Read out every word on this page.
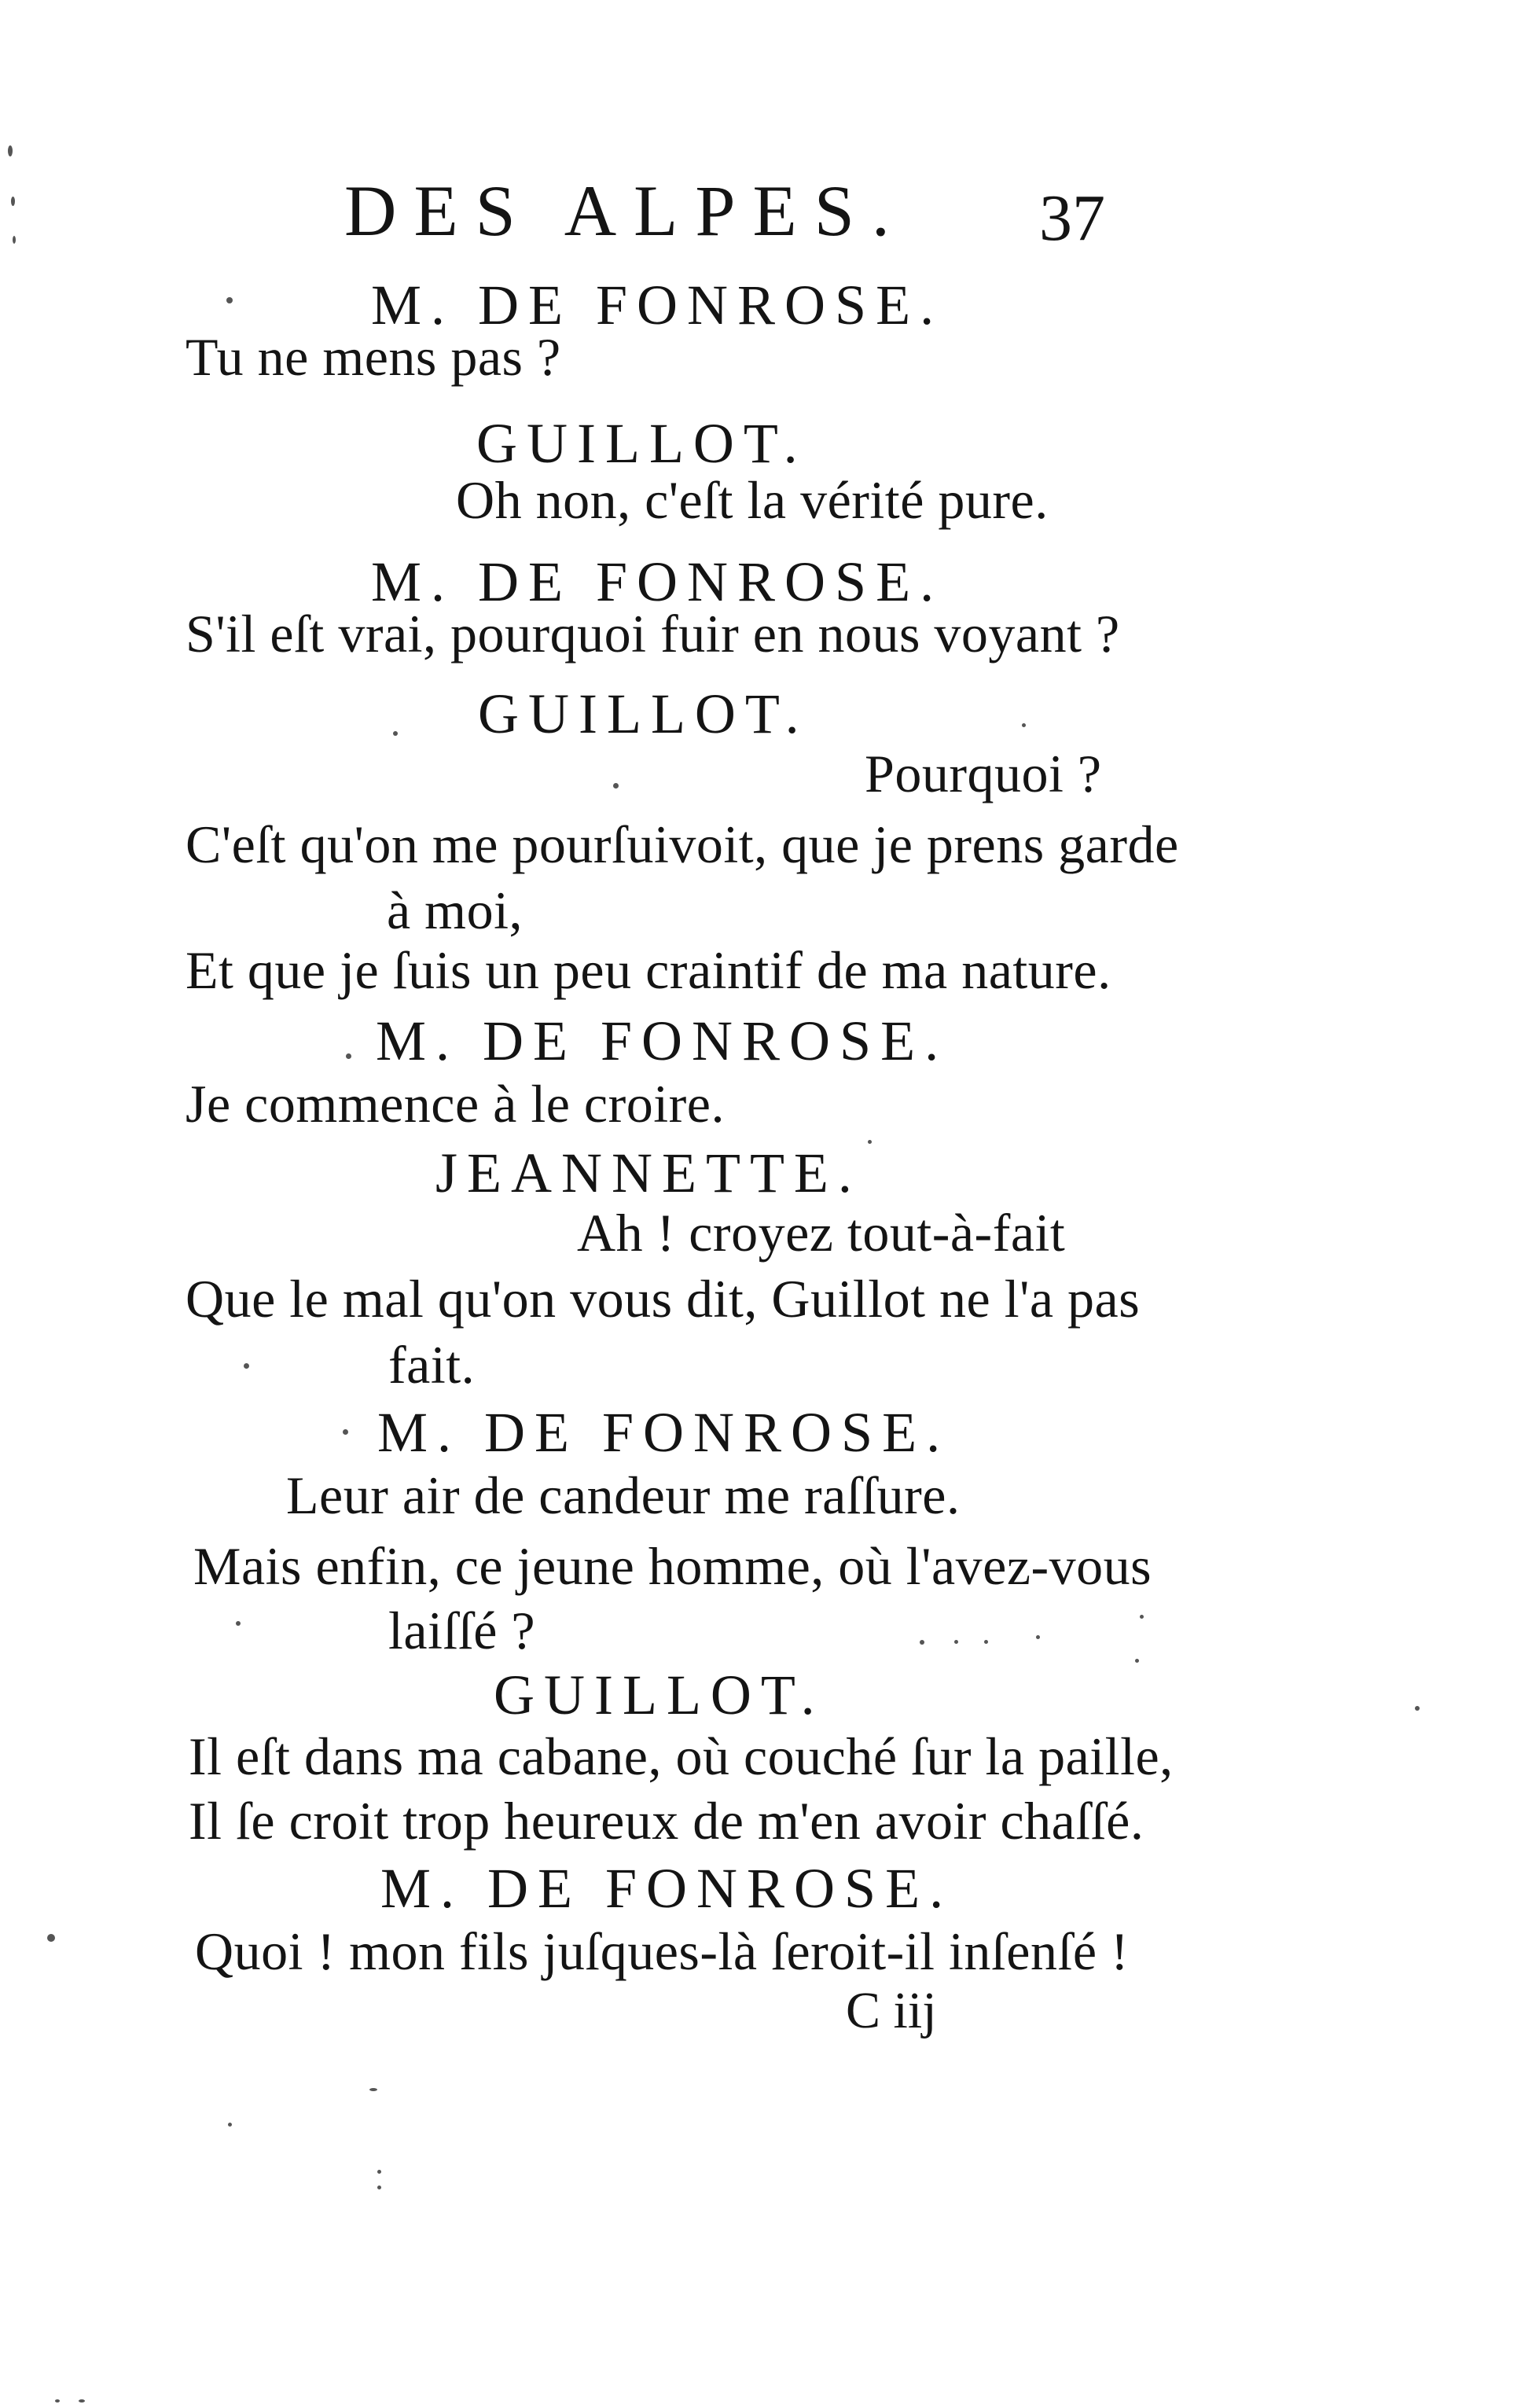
DES ALPES. 37
M. DE FONROSE.
Tu ne mens pas ?
GUILLOT.
Oh non, c'eſt la vérité pure.
M. DE FONROSE.
S'il eſt vrai, pourquoi fuir en nous voyant ?
GUILLOT.
Pourquoi ?
C'eſt qu'on me pourſuivoit, que je prens garde
à moi,
Et que je ſuis un peu craintif de ma nature.
M. DE FONROSE.
Je commence à le croire.
JEANNETTE.
Ah ! croyez tout-à-fait
Que le mal qu'on vous dit, Guillot ne l'a pas
fait.
M. DE FONROSE.
Leur air de candeur me raſſure.
Mais enfin, ce jeune homme, où l'avez-vous
laiſſé ?
GUILLOT.
Il eſt dans ma cabane, où couché ſur la paille,
Il ſe croit trop heureux de m'en avoir chaſſé.
M. DE FONROSE.
Quoi ! mon fils juſques-là ſeroit-il inſenſé !
C iij
